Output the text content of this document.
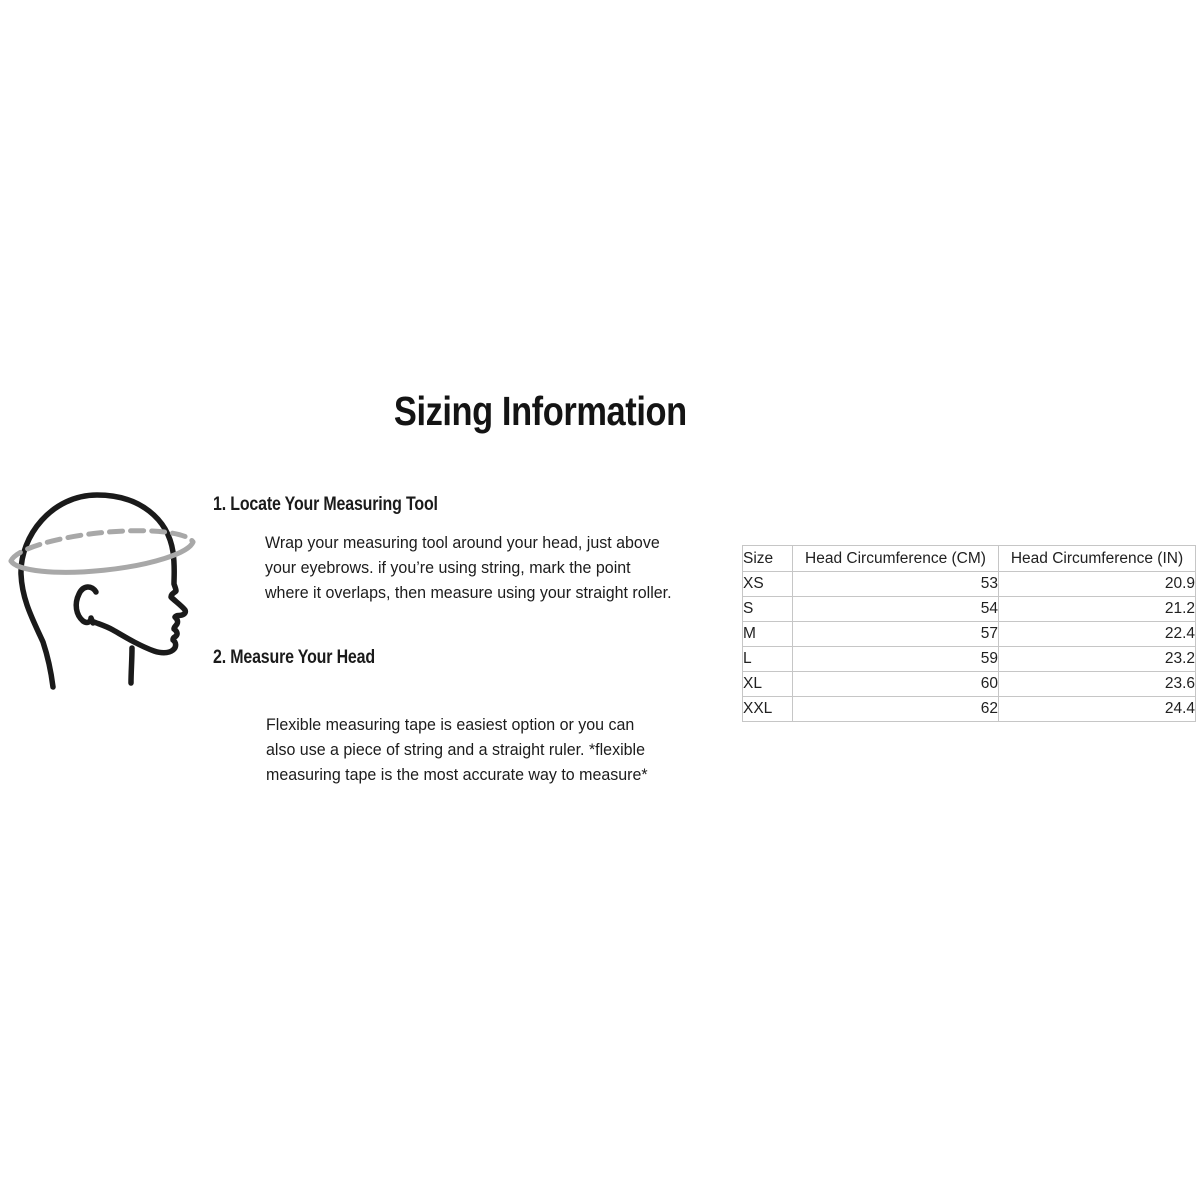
Sizing Information
1. Locate Your Measuring Tool
Wrap your measuring tool around your head, just above
your eyebrows. if you’re using string, mark the point
where it overlaps, then measure using your straight roller.
2. Measure Your Head
Flexible measuring tape is easiest option or you can
also use a piece of string and a straight ruler. *flexible
measuring tape is the most accurate way to measure*
Size	Head Circumference (CM)	Head Circumference (IN)
XS	53	20.9
S	54	21.2
M	57	22.4
L	59	23.2
XL	60	23.6
XXL	62	24.4
